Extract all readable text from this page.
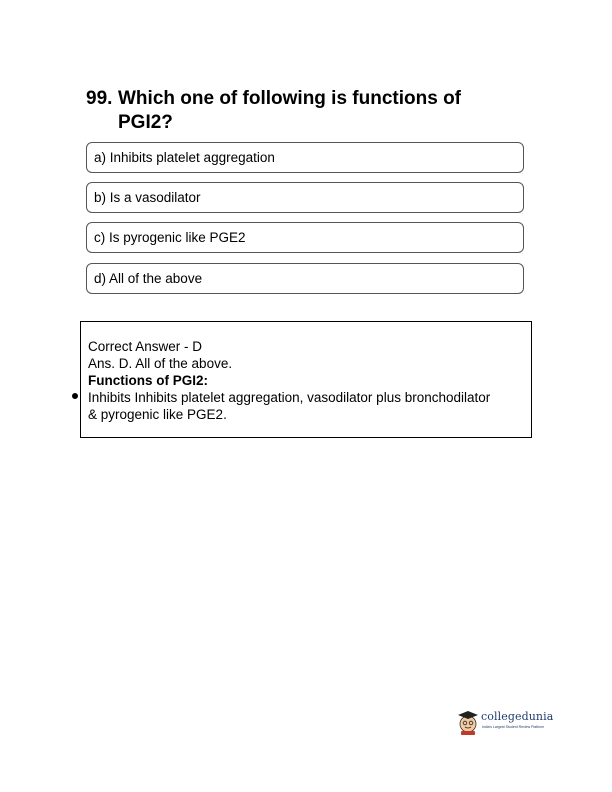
99. Which one of following is functions of
PGI2?
a) Inhibits platelet aggregation
b) Is a vasodilator
c) Is pyrogenic like PGE2
d) All of the above
Correct Answer - D
Ans. D. All of the above.
Functions of PGI2:
Inhibits Inhibits platelet aggregation, vasodilator plus bronchodilator
& pyrogenic like PGE2.
collegedunia
India's Largest Student Review Platform
